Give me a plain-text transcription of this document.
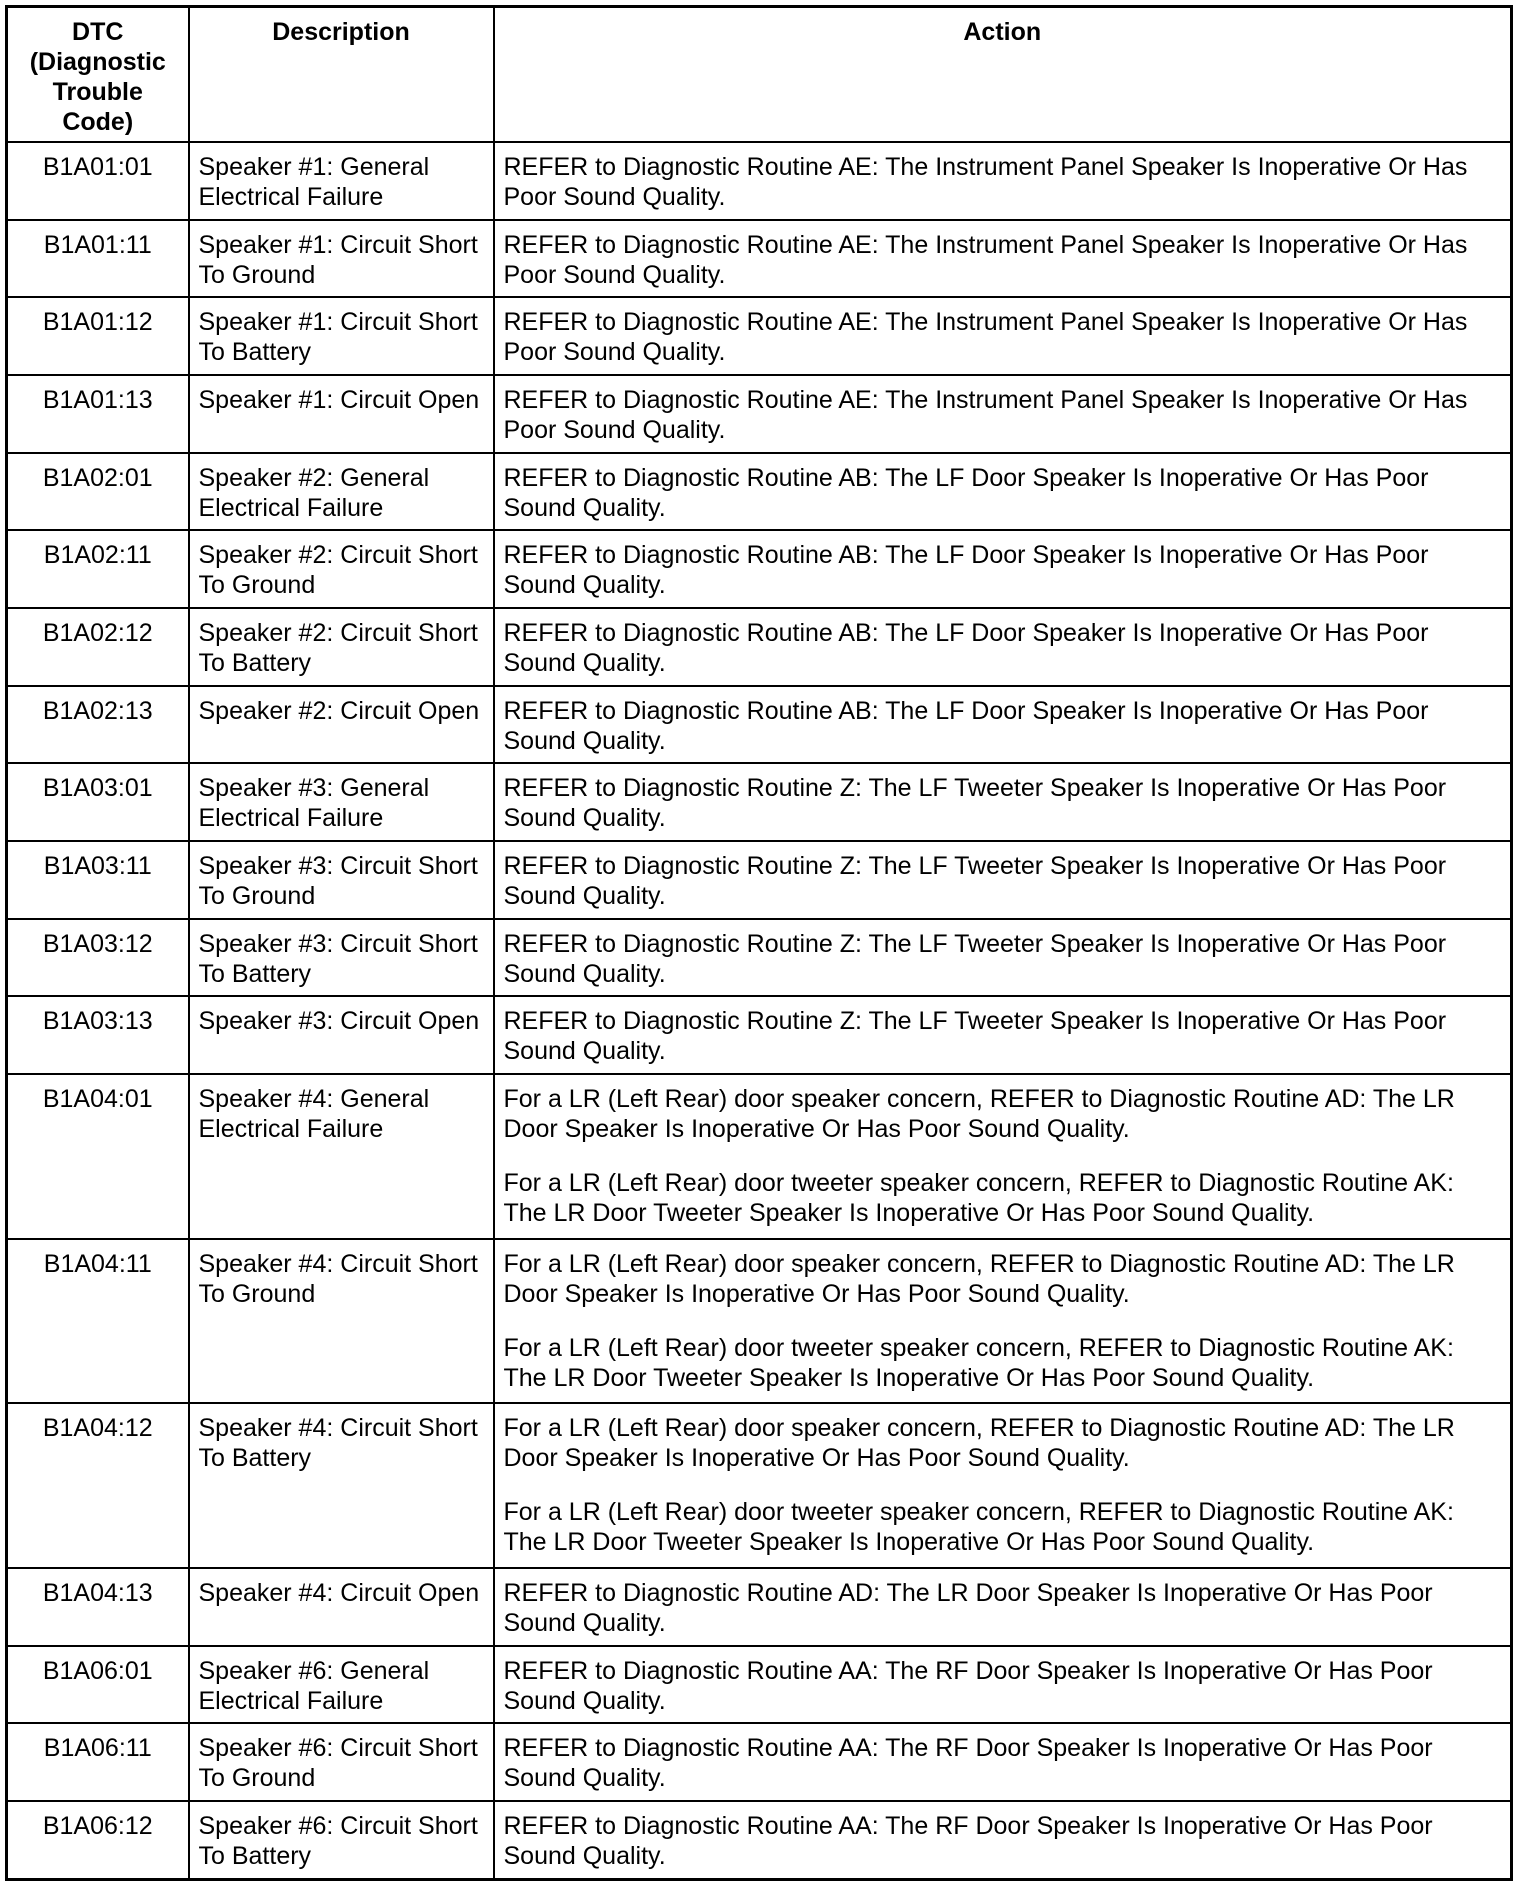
DTC (Diagnostic Trouble Code)	Description	Action
B1A01:01	Speaker #1: General Electrical Failure	REFER to Diagnostic Routine AE: The Instrument Panel Speaker Is Inoperative Or Has Poor Sound Quality.

B1A01:11	Speaker #1: Circuit Short To Ground	REFER to Diagnostic Routine AE: The Instrument Panel Speaker Is Inoperative Or Has Poor Sound Quality.

B1A01:12	Speaker #1: Circuit Short To Battery	REFER to Diagnostic Routine AE: The Instrument Panel Speaker Is Inoperative Or Has Poor Sound Quality.

B1A01:13	Speaker #1: Circuit Open	REFER to Diagnostic Routine AE: The Instrument Panel Speaker Is Inoperative Or Has Poor Sound Quality.

B1A02:01	Speaker #2: General Electrical Failure	REFER to Diagnostic Routine AB: The LF Door Speaker Is Inoperative Or Has Poor Sound Quality.

B1A02:11	Speaker #2: Circuit Short To Ground	REFER to Diagnostic Routine AB: The LF Door Speaker Is Inoperative Or Has Poor Sound Quality.

B1A02:12	Speaker #2: Circuit Short To Battery	REFER to Diagnostic Routine AB: The LF Door Speaker Is Inoperative Or Has Poor Sound Quality.

B1A02:13	Speaker #2: Circuit Open	REFER to Diagnostic Routine AB: The LF Door Speaker Is Inoperative Or Has Poor Sound Quality.

B1A03:01	Speaker #3: General Electrical Failure	REFER to Diagnostic Routine Z: The LF Tweeter Speaker Is Inoperative Or Has Poor Sound Quality.

B1A03:11	Speaker #3: Circuit Short To Ground	REFER to Diagnostic Routine Z: The LF Tweeter Speaker Is Inoperative Or Has Poor Sound Quality.

B1A03:12	Speaker #3: Circuit Short To Battery	REFER to Diagnostic Routine Z: The LF Tweeter Speaker Is Inoperative Or Has Poor Sound Quality.

B1A03:13	Speaker #3: Circuit Open	REFER to Diagnostic Routine Z: The LF Tweeter Speaker Is Inoperative Or Has Poor Sound Quality.

B1A04:01	Speaker #4: General Electrical Failure	For a LR (Left Rear) door speaker concern, REFER to Diagnostic Routine AD: The LR Door Speaker Is Inoperative Or Has Poor Sound Quality.

For a LR (Left Rear) door tweeter speaker concern, REFER to Diagnostic Routine AK: The LR Door Tweeter Speaker Is Inoperative Or Has Poor Sound Quality.

B1A04:11	Speaker #4: Circuit Short To Ground	For a LR (Left Rear) door speaker concern, REFER to Diagnostic Routine AD: The LR Door Speaker Is Inoperative Or Has Poor Sound Quality.

For a LR (Left Rear) door tweeter speaker concern, REFER to Diagnostic Routine AK: The LR Door Tweeter Speaker Is Inoperative Or Has Poor Sound Quality.

B1A04:12	Speaker #4: Circuit Short To Battery	For a LR (Left Rear) door speaker concern, REFER to Diagnostic Routine AD: The LR Door Speaker Is Inoperative Or Has Poor Sound Quality.

For a LR (Left Rear) door tweeter speaker concern, REFER to Diagnostic Routine AK: The LR Door Tweeter Speaker Is Inoperative Or Has Poor Sound Quality.

B1A04:13	Speaker #4: Circuit Open	REFER to Diagnostic Routine AD: The LR Door Speaker Is Inoperative Or Has Poor Sound Quality.

B1A06:01	Speaker #6: General Electrical Failure	REFER to Diagnostic Routine AA: The RF Door Speaker Is Inoperative Or Has Poor Sound Quality.

B1A06:11	Speaker #6: Circuit Short To Ground	REFER to Diagnostic Routine AA: The RF Door Speaker Is Inoperative Or Has Poor Sound Quality.

B1A06:12	Speaker #6: Circuit Short To Battery	REFER to Diagnostic Routine AA: The RF Door Speaker Is Inoperative Or Has Poor Sound Quality.
